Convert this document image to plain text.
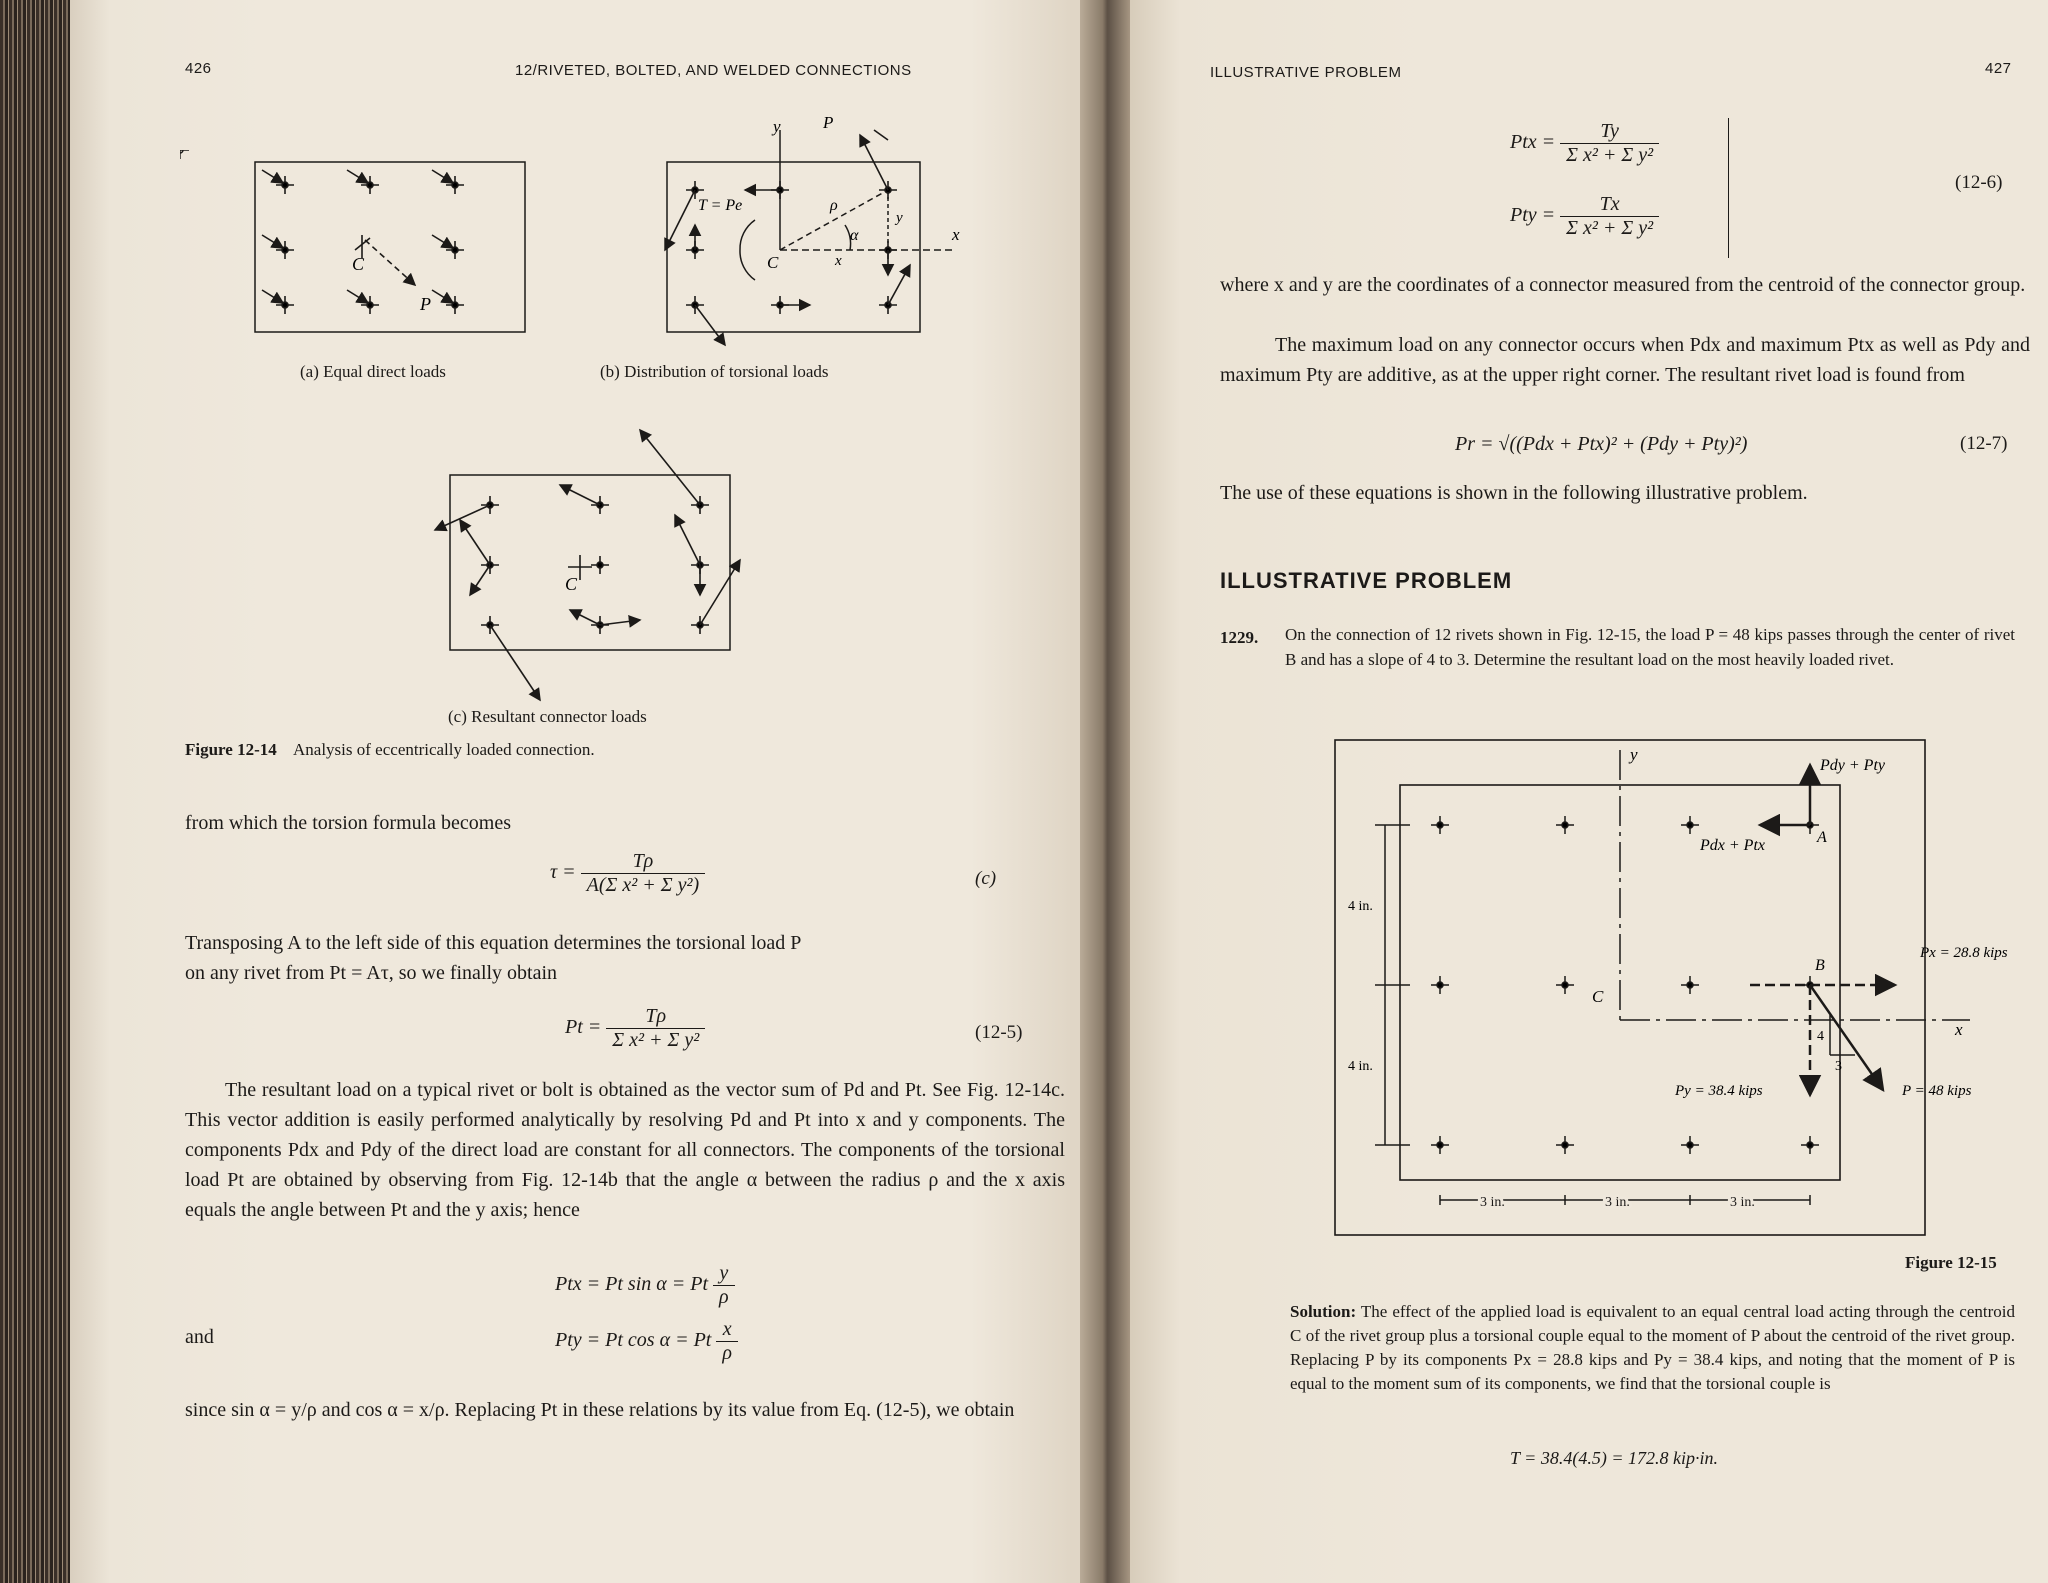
426	12/RIVETED, BOLTED, AND WELDED CONNECTIONS
C
P
(a) Equal direct loads
y P
x
T = Pe
C
ρ
α
y
x
(b) Distribution of torsional loads
C
(c) Resultant connector loads
Figure 12-14 Analysis of eccentrically loaded connection.
from which the torsion formula becomes
$\tau = \frac{T\rho}{\text{A(Σ x² + Σ y²)}}$	(c)
Transposing A to the left side of this equation determines the torsional load P
on any rivet from Pt = Aτ, so we finally obtain
$Pt = \frac{T\rho}{\text{Σ x² + Σ y²}}$	(12-5)
The resultant load on a typical rivet or bolt is obtained as the vector sum of Pd and Pt. See Fig. 12-14c. This vector addition is easily performed analytically by resolving Pd and Pt into x and y components. The components Pdx and Pdy of the direct load are constant for all connectors. The components of the torsional load Pt are obtained by observing from Fig. 12-14b that the angle α between the radius ρ and the x axis equals the angle between Pt and the y axis; hence
Ptx = Pt sin α = Pt $\frac{y}{\rho}$
and	Pty = Pt cos α = Pt $\frac{x}{\rho}$
since sin α = y/ρ and cos α = x/ρ. Replacing Pt in these relations by its value from Eq. (12-5), we obtain
ILLUSTRATIVE PROBLEM	427
Ptx = $\frac{Ty}{\text{Σ x² + Σ y²}}$
Pty = $\frac{Tx}{\text{Σ x² + Σ y²}}$
(12-6)
where x and y are the coordinates of a connector measured from the centroid of the connector group.
The maximum load on any connector occurs when Pdx and maximum Ptx as well as Pdy and maximum Pty are additive, as at the upper right corner. The resultant rivet load is found from
Pr = √((Pdx + Ptx)² + (Pdy + Pty)²)	(12-7)
The use of these equations is shown in the following illustrative problem.
ILLUSTRATIVE PROBLEM
1229. On the connection of 12 rivets shown in Fig. 12-15, the load P = 48 kips passes through the center of rivet B and has a slope of 4 to 3. Determine the resultant load on the most heavily loaded rivet.
y
x
C
A
B
Pdy + Pty
Pdx + Ptx
Px = 28.8 kips
Py = 38.4 kips	P = 48 kips
4
3
4 in.
4 in.
3 in.	3 in.	3 in.
Figure 12-15
Solution: The effect of the applied load is equivalent to an equal central load acting through the centroid C of the rivet group plus a torsional couple equal to the moment of P about the centroid of the rivet group. Replacing P by its components Px = 28.8 kips and Py = 38.4 kips, and noting that the moment of P is equal to the moment sum of its components, we find that the torsional couple is
T = 38.4(4.5) = 172.8 kip·in.
